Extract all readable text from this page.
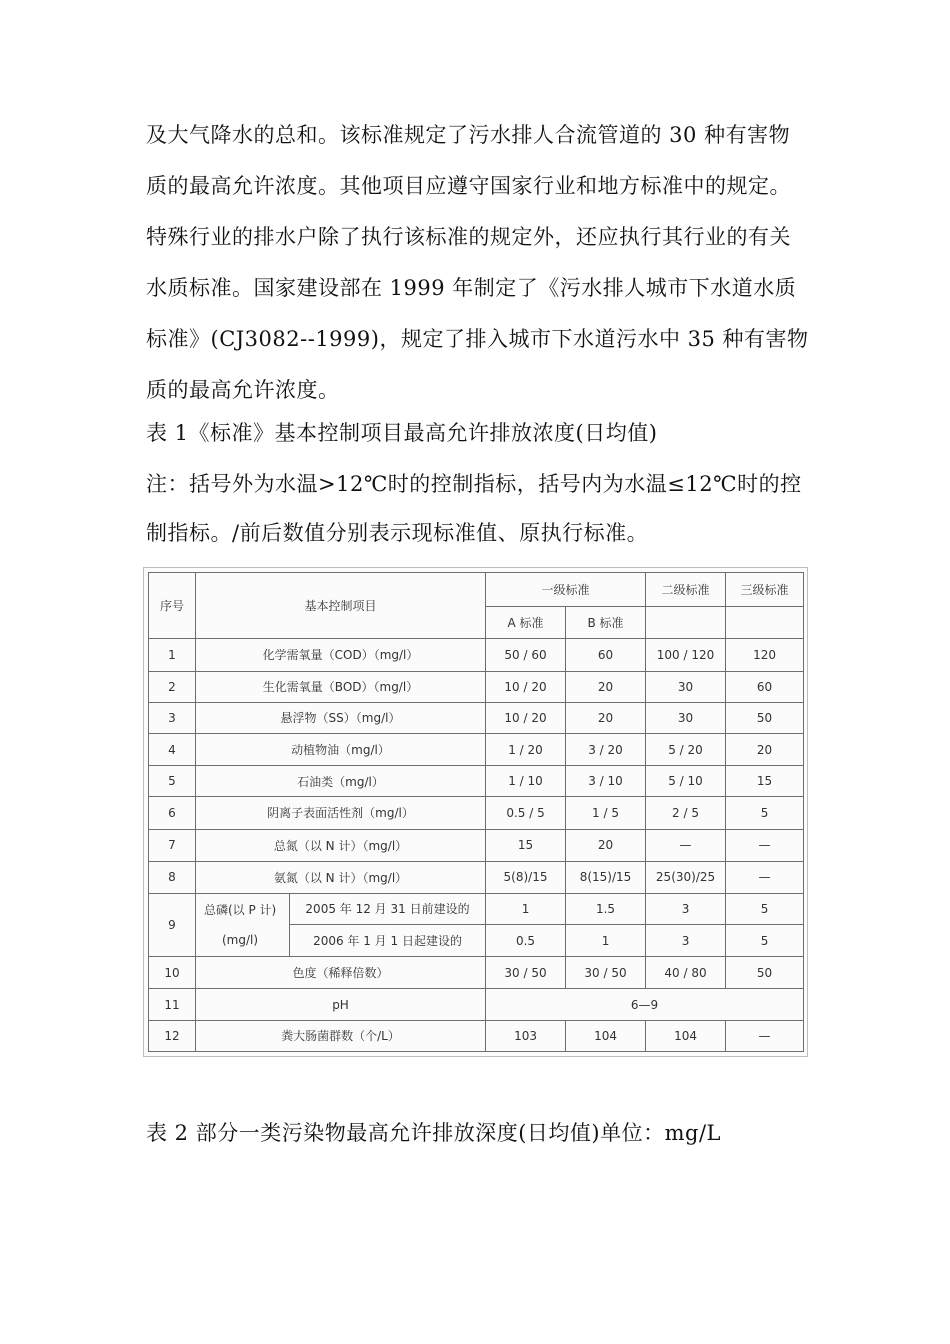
及大气降水的总和。该标准规定了污水排人合流管道的 30 种有害物
质的最高允许浓度。其他项目应遵守国家行业和地方标准中的规定。
特殊行业的排水户除了执行该标准的规定外，还应执行其行业的有关
水质标准。国家建设部在 1999 年制定了《污水排人城市下水道水质
标准》(CJ3082--1999)，规定了排入城市下水道污水中 35 种有害物
质的最高允许浓度。
表 1《标准》基本控制项目最高允许排放浓度(日均值)
注：括号外为水温>12℃时的控制指标，括号内为水温≤12℃时的控
制指标。/前后数值分别表示现标准值、原执行标准。
序号	基本控制项目		一级标准		二级标准	三级标准
			A 标准	B 标准		
1	化学需氧量（COD）（mg/l）		50 / 60	60	100 / 120	120
2	生化需氧量（BOD）（mg/l）		10 / 20	20	30	60
3	悬浮物（SS）（mg/l）		10 / 20	20	30	50
4	动植物油（mg/l）		1 / 20	3 / 20	5 / 20	20
5	石油类（mg/l）		1 / 10	3 / 10	5 / 10	15
6	阴离子表面活性剂（mg/l）		0.5 / 5	1 / 5	2 / 5	5
7	总氮（以 N 计）（mg/l）		15	20	—	—
8	氨氮（以 N 计）（mg/l）		5(8)/15	8(15)/15	25(30)/25	—
9	总磷(以 P 计)	2005 年 12 月 31 日前建设的	1	1.5	3	5
	(mg/l)	2006 年 1 月 1 日起建设的	0.5	1	3	5
10	色度（稀释倍数）		30 / 50	30 / 50	40 / 80	50
11	pH		6—9			
12	粪大肠菌群数（个/L）		103	104	104	—
表 2 部分一类污染物最高允许排放深度(日均值)单位：mg/L
